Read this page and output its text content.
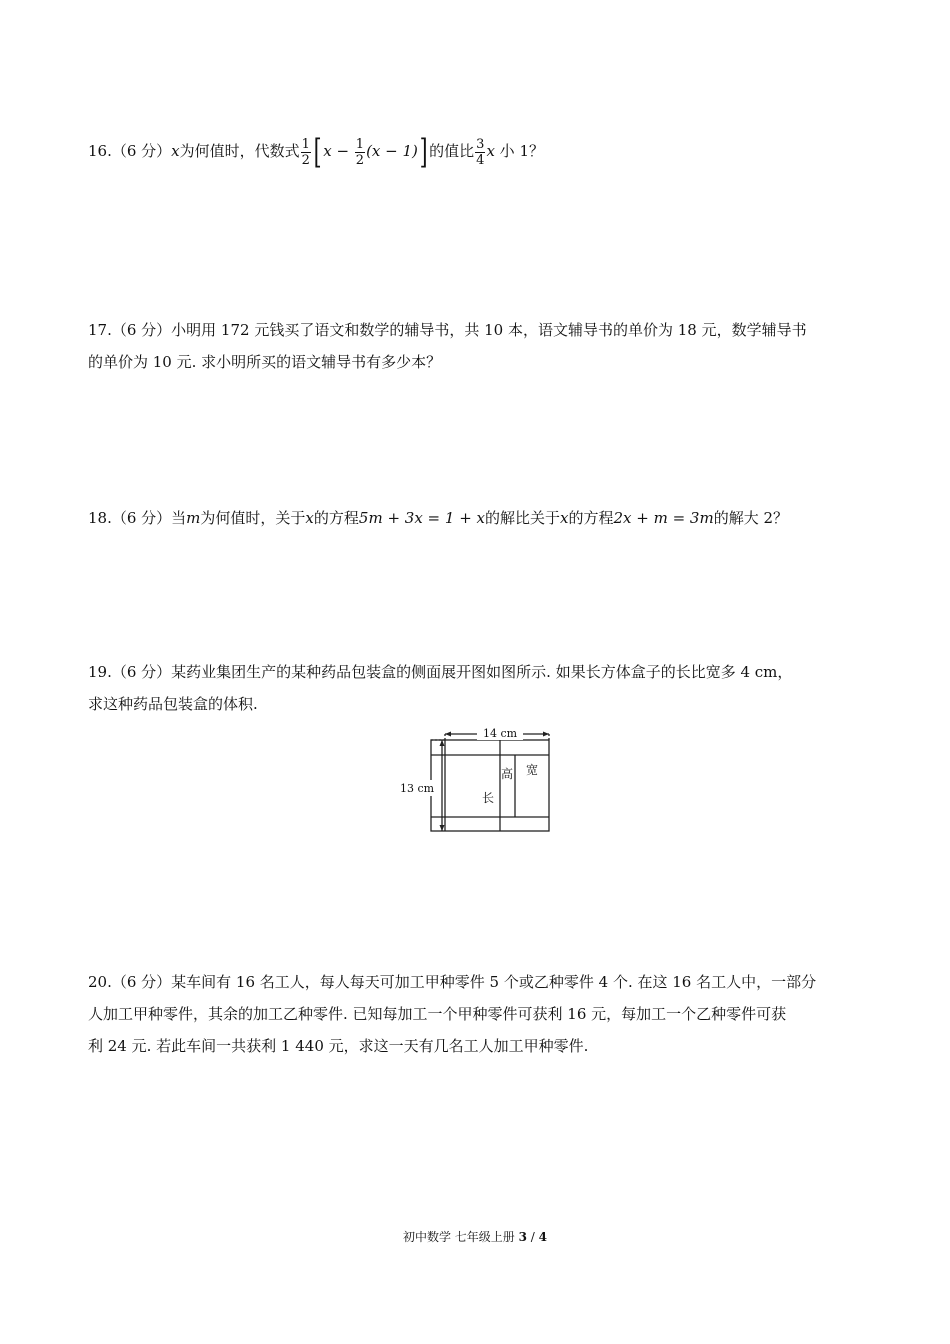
16.（6 分）x为何值时，代数式 $\frac{1}{2}$ [ $x - \frac{1}{2} (x - 1)$] 的值比 $\frac{3}{4}$ x 小 1？

17.（6 分）小明用 172 元钱买了语文和数学的辅导书，共 10 本，语文辅导书的单价为 18 元，数学辅导书

的单价为 10 元. 求小明所买的语文辅导书有多少本？

18.（6 分）当m为何值时，关于x的方程5m + 3x = 1 + x的解比关于x的方程2x + m = 3m的解大 2？

19.（6 分）某药业集团生产的某种药品包装盒的侧面展开图如图所示. 如果长方体盒子的长比宽多 4 cm，

求这种药品包装盒的体积.

14 cm
13 cm
高 宽
长

20.（6 分）某车间有 16 名工人，每人每天可加工甲种零件 5 个或乙种零件 4 个. 在这 16 名工人中，一部分

人加工甲种零件，其余的加工乙种零件. 已知每加工一个甲种零件可获利 16 元，每加工一个乙种零件可获

利 24 元. 若此车间一共获利 1 440 元，求这一天有几名工人加工甲种零件.

初中数学 七年级上册 3 / 4
